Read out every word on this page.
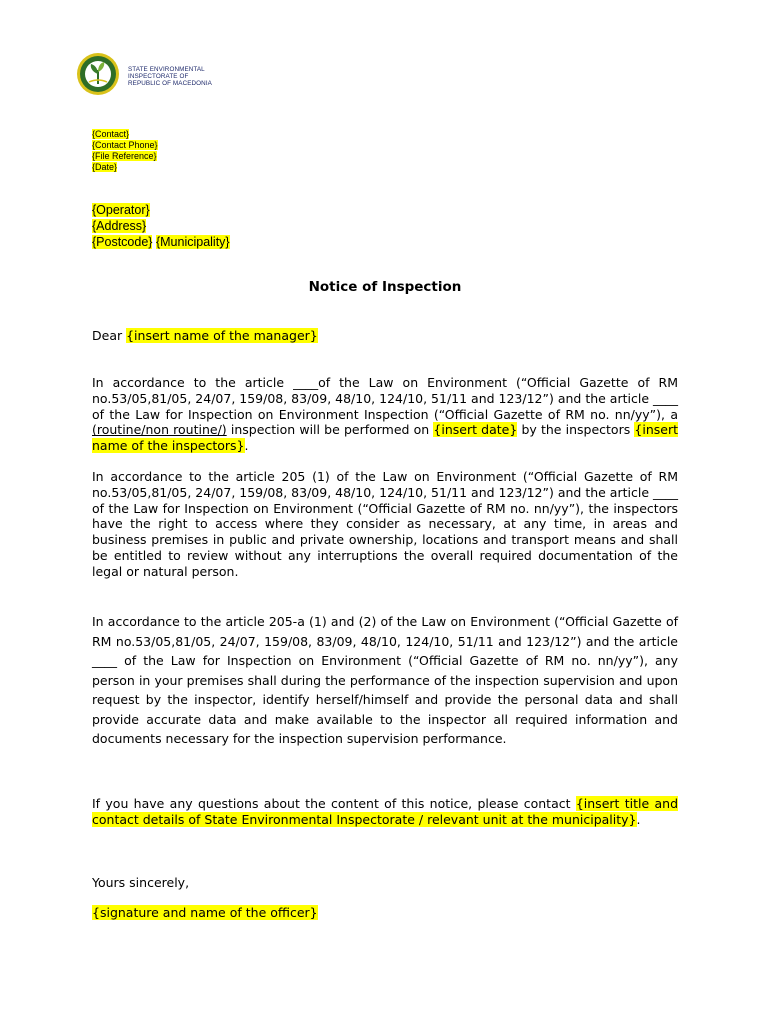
STATE ENVIRONMENTAL
INSPECTORATE OF
REPUBLIC OF MACEDONIA
{Contact}
{Contact Phone}
{File Reference}
{Date}
{Operator}
{Address}
{Postcode} {Municipality}
Notice of Inspection
Dear {insert name of the manager}
In accordance to the article ____of the Law on Environment (“Official Gazette of RM no.53/05,81/05, 24/07, 159/08, 83/09, 48/10, 124/10, 51/11 and 123/12”) and the article ____ of the Law for Inspection on Environment Inspection (“Official Gazette of RM no. nn/yy”), a (routine/non routine/) inspection will be performed on {insert date} by the inspectors {insert name of the inspectors}.
In accordance to the article 205 (1) of the Law on Environment (“Official Gazette of RM no.53/05,81/05, 24/07, 159/08, 83/09, 48/10, 124/10, 51/11 and 123/12”) and the article ____ of the Law for Inspection on Environment (“Official Gazette of RM no. nn/yy”), the inspectors have the right to access where they consider as necessary, at any time, in areas and business premises in public and private ownership, locations and transport means and shall be entitled to review without any interruptions the overall required documentation of the legal or natural person.
In accordance to the article 205-a (1) and (2) of the Law on Environment (“Official Gazette of RM no.53/05,81/05, 24/07, 159/08, 83/09, 48/10, 124/10, 51/11 and 123/12”) and the article ____ of the Law for Inspection on Environment (“Official Gazette of RM no. nn/yy”), any person in your premises shall during the performance of the inspection supervision and upon request by the inspector, identify herself/himself and provide the personal data and shall provide accurate data and make available to the inspector all required information and documents necessary for the inspection supervision performance.
If you have any questions about the content of this notice, please contact {insert title and contact details of State Environmental Inspectorate / relevant unit at the municipality}.
Yours sincerely,
{signature and name of the officer}
